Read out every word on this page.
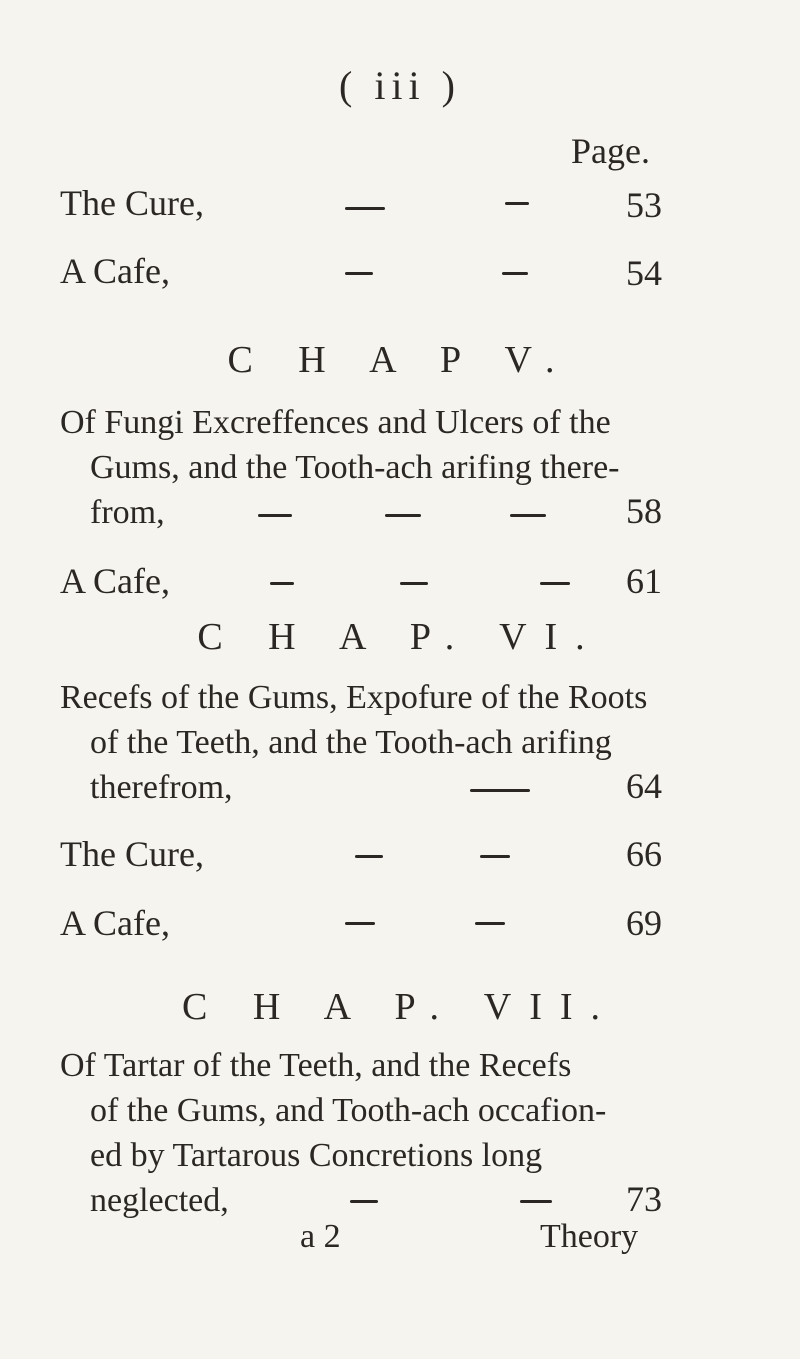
( iii )
Page.
The Cure,	53
A Cafe,	54
C H A P V.
Of Fungi Excreffences and Ulcers of the
Gums, and the Tooth-ach arifing there-
from,	58
A Cafe,	61
C H A P. VI.
Recefs of the Gums, Expofure of the Roots
of the Teeth, and the Tooth-ach arifing
therefrom,	64
The Cure,	66
A Cafe,	69
C H A P. VII.
Of Tartar of the Teeth, and the Recefs
of the Gums, and Tooth-ach occafion-
ed by Tartarous Concretions long
neglected,	73
a 2	Theory
